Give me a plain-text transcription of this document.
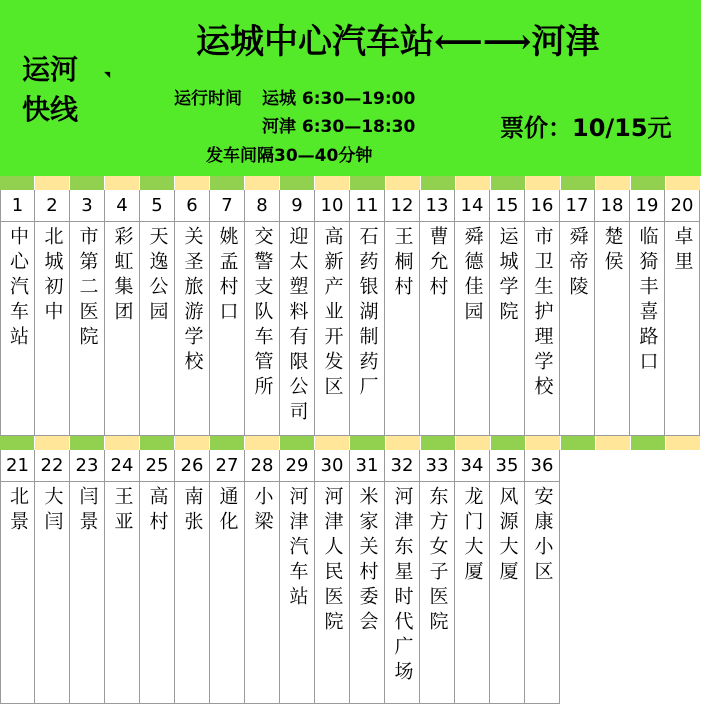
运河
快线
◥
运城中心汽车站⟵⟶河津
运行时间 运城 6:30—19:00
河津 6:30—18:30
发车间隔30—40分钟
票价：10/15元
1
中心汽车站
2
北城初中
3
市第二医院
4
彩虹集团
5
天逸公园
6
关圣旅游学校
7
姚孟村口
8
交警支队车管所
9
迎太塑料有限公司
10
高新产业开发区
11
石药银湖制药厂
12
王桐村
13
曹允村
14
舜德佳园
15
运城学院
16
市卫生护理学校
17
舜帝陵
18
楚侯
19
临猗丰喜路口
20
卓里
21
北景
22
大闫
23
闫景
24
王亚
25
高村
26
南张
27
通化
28
小梁
29
河津汽车站
30
河津人民医院
31
米家关村委会
32
河津东星时代广场
33
东方女子医院
34
龙门大厦
35
风源大厦
36
安康小区
